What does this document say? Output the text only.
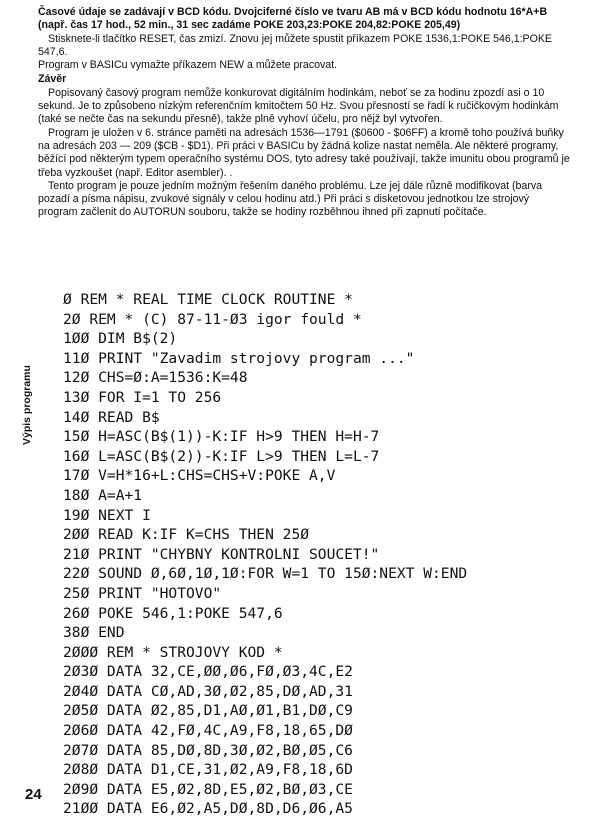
Časové údaje se zadávají v BCD kódu. Dvojciferné číslo ve tvaru AB má v BCD kódu hodnotu 16*A+B (např. čas 17 hod., 52 min., 31 sec zadáme POKE 203,23:POKE 204,82:POKE 205,49)

Stisknete-li tlačítko RESET, čas zmizí. Znovu jej můžete spustit příkazem POKE 1536,1:POKE 546,1:POKE 547,6.

Program v BASICu vymažte příkazem NEW a můžete pracovat.

Závěr

Popisovaný časový program nemůže konkurovat digitálním hodinkám, neboť se za hodinu zpozdí asi o 10 sekund. Je to způsobeno nízkým referenčním kmitočtem 50 Hz. Svou přesností se řadí k ručičkovým hodinkám (také se nečte čas na sekundu přesně), takže plně vyhoví účelu, pro nějž byl vytvořen.

Program je uložen v 6. stránce paměti na adresách 1536—1791 ($0600 - $06FF) a kromě toho používá buňky na adresách 203 — 209 ($CB - $D1). Při práci v BASICu by žádná kolize nastat neměla. Ale některé programy, běžící pod některým typem operačního systému DOS, tyto adresy také používají, takže imunitu obou programů je třeba vyzkoušet (např. Editor asembler). .

Tento program je pouze jedním možným řešením daného problému. Lze jej dále různě modifikovat (barva pozadí a písma nápisu, zvukové signály v celou hodinu atd.) Při práci s disketovou jednotkou lze strojový program začlenit do AUTORUN souboru, takže se hodiny rozběhnou ihned při zapnutí počítače.

Výpis programu
Ø REM * REAL TIME CLOCK ROUTINE *
2Ø REM * (C) 87-11-Ø3 igor fould *
1ØØ DIM B$(2)
11Ø PRINT "Zavadim strojovy program ..."
12Ø CHS=Ø:A=1536:K=48
13Ø FOR I=1 TO 256
14Ø READ B$
15Ø H=ASC(B$(1))-K:IF H>9 THEN H=H-7
16Ø L=ASC(B$(2))-K:IF L>9 THEN L=L-7
17Ø V=H*16+L:CHS=CHS+V:POKE A,V
18Ø A=A+1
19Ø NEXT I
2ØØ READ K:IF K=CHS THEN 25Ø
21Ø PRINT "CHYBNY KONTROLNI SOUCET!"
22Ø SOUND Ø,6Ø,1Ø,1Ø:FOR W=1 TO 15Ø:NEXT W:END
25Ø PRINT "HOTOVO"
26Ø POKE 546,1:POKE 547,6
38Ø END
2ØØØ REM * STROJOVY KOD *
2Ø3Ø DATA 32,CE,ØØ,Ø6,FØ,Ø3,4C,E2
2Ø4Ø DATA CØ,AD,3Ø,Ø2,85,DØ,AD,31
2Ø5Ø DATA Ø2,85,D1,AØ,Ø1,B1,DØ,C9
2Ø6Ø DATA 42,FØ,4C,A9,F8,18,65,DØ
2Ø7Ø DATA 85,DØ,8D,3Ø,Ø2,BØ,Ø5,C6
2Ø8Ø DATA D1,CE,31,Ø2,A9,F8,18,6D
2Ø9Ø DATA E5,Ø2,8D,E5,Ø2,BØ,Ø3,CE
21ØØ DATA E6,Ø2,A5,DØ,8D,D6,Ø6,A5
24
